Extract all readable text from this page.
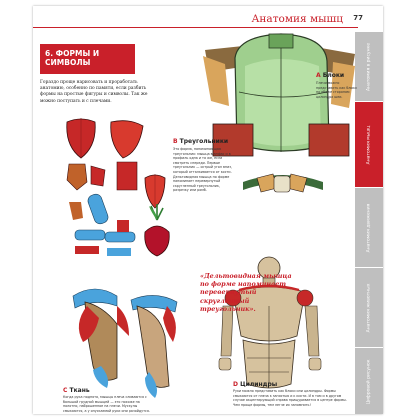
Анатомия мышц 77
Анатомия в рисунке
Анатомия мышц
Анатомия движения
Анатомия животных
Цифровой рисунок
6. ФОРМЫ И СИМВОЛЫ
Гораздо проще нарисовать и проработать анатомию, особенно по памяти, если разбить формы на простые фигуры и символы. Так же можно поступать и с плечами.
A Блоки
Плечи можно представить как блоки по обеим сторонам цилиндра шеи.
B Треугольники
Это форма, напоминающая треугольник: мышца в анфас и в профиль одна и та же, если смотреть спереди. Первые треугольник — острый угол вниз, который отталкивается от кости. Дельтовидная мышца по форме напоминает перевернутый скругленный треугольник, разрезку или ромб.
«Дельтовидная мышца по форме напоминает перевернутый скругленный треугольник».
C Ткань
Когда рука поднята, мышцы плеча сливаются с большой грудной мышцей — это похоже на полотно, наброшенное на плечи. Мускулы смыкаются, а у опускаемой руки они разойдутся.
D Цилиндры
Руки можно представить как блоки или цилиндры. Формы смыкаются от плеча к запястью и к кисти. И в том и в другом случае акцентирующий справа прищуривается в центре формы. Чем проще формы, тем легче их запомнить!
